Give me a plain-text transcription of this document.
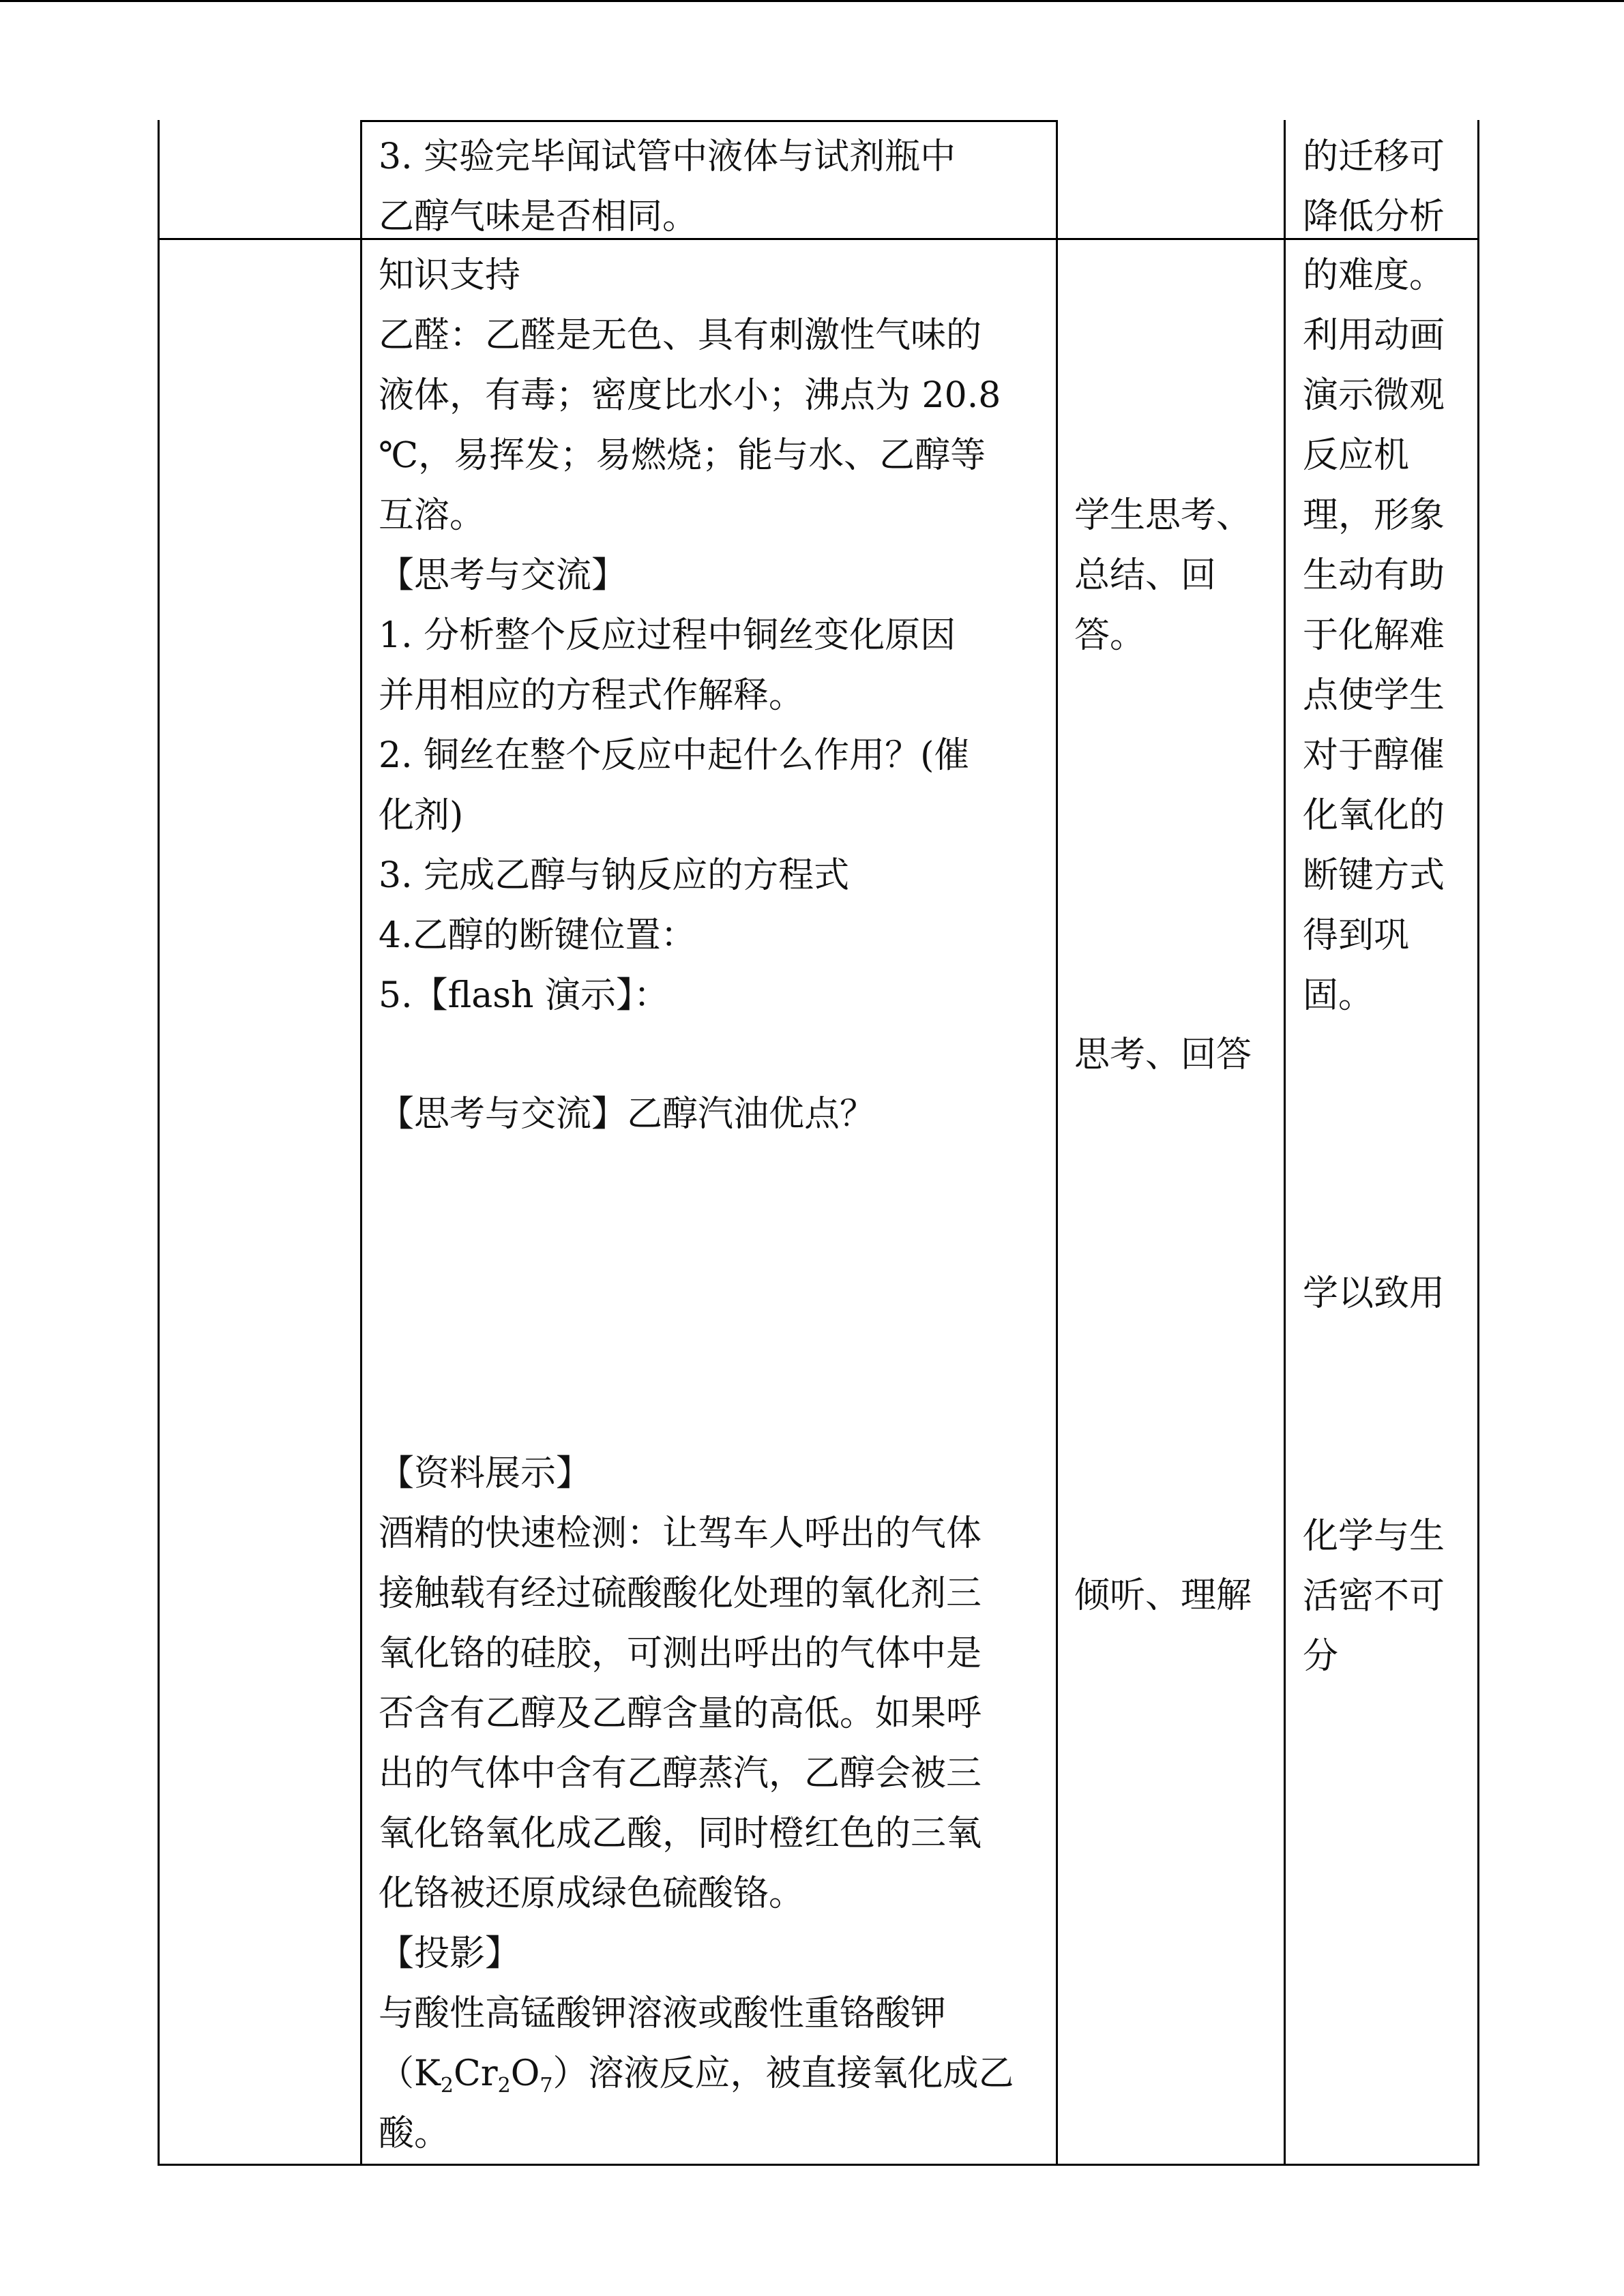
3. 实验完毕闻试管中液体与试剂瓶中
乙醇气味是否相同。
的迁移可
降低分析
知识支持
乙醛：乙醛是无色、具有刺激性气味的
液体，有毒；密度比水小；沸点为 20.8
℃，易挥发；易燃烧；能与水、乙醇等
互溶。
【思考与交流】
1. 分析整个反应过程中铜丝变化原因
并用相应的方程式作解释。
2. 铜丝在整个反应中起什么作用？(催
化剂)
3. 完成乙醇与钠反应的方程式
4.乙醇的断键位置：
5.【flash 演示】：
【思考与交流】乙醇汽油优点？
【资料展示】
酒精的快速检测：让驾车人呼出的气体
接触载有经过硫酸酸化处理的氧化剂三
氧化铬的硅胶，可测出呼出的气体中是
否含有乙醇及乙醇含量的高低。如果呼
出的气体中含有乙醇蒸汽，乙醇会被三
氧化铬氧化成乙酸，同时橙红色的三氧
化铬被还原成绿色硫酸铬。
【投影】
与酸性高锰酸钾溶液或酸性重铬酸钾
$(K_2Cr_2O_7)$溶液反应，被直接氧化成乙
酸。
学生思考、
总结、回
答。
思考、回答
倾听、理解
的难度。
利用动画
演示微观
反应机
理，形象
生动有助
于化解难
点使学生
对于醇催
化氧化的
断键方式
得到巩
固。
学以致用
化学与生
活密不可
分
